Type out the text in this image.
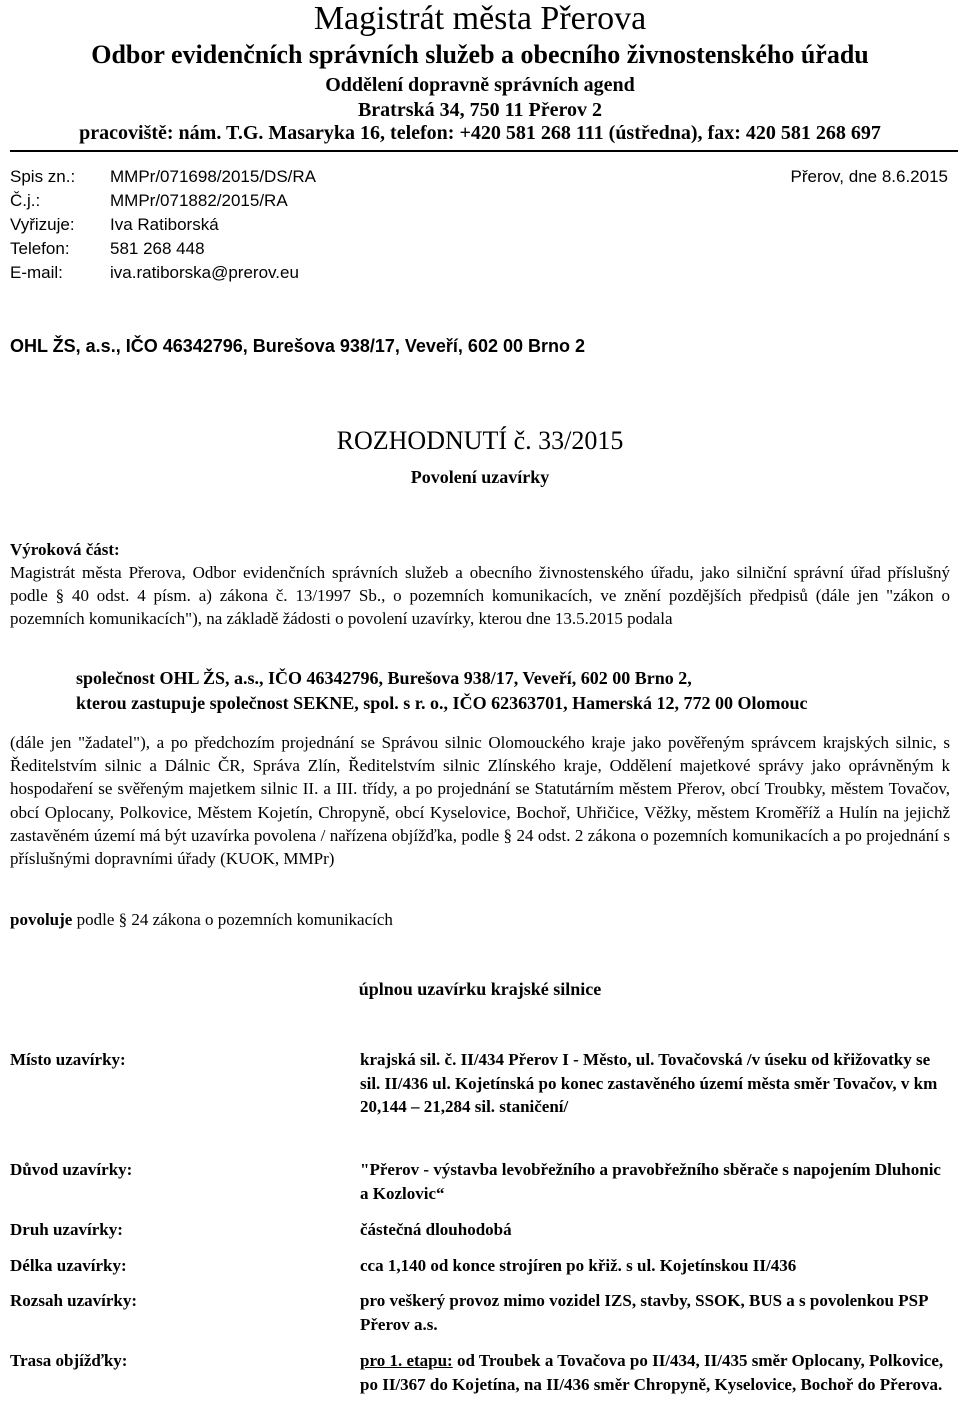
Magistrát města Přerova
Odbor evidenčních správních služeb a obecního živnostenského úřadu
Oddělení dopravně správních agend
Bratrská 34, 750 11 Přerov 2
pracoviště: nám. T.G. Masaryka 16, telefon: +420 581 268 111 (ústředna), fax: 420 581 268 697
Spis zn.: MMPr/071698/2015/DS/RA	Přerov, dne 8.6.2015
Č.j.:	MMPr/071882/2015/RA
Vyřizuje: Iva Ratiborská
Telefon: 581 268 448
E-mail:	iva.ratiborska@prerov.eu
OHL ŽS, a.s., IČO 46342796, Burešova 938/17, Veveří, 602 00 Brno 2
ROZHODNUTÍ č. 33/2015
Povolení uzavírky
Výroková část:
Magistrát města Přerova, Odbor evidenčních správních služeb a obecního živnostenského úřadu, jako silniční správní úřad příslušný podle § 40 odst. 4 písm. a) zákona č. 13/1997 Sb., o pozemních komunikacích, ve znění pozdějších předpisů (dále jen "zákon o pozemních komunikacích"), na základě žádosti o povolení uzavírky, kterou dne 13.5.2015 podala
společnost OHL ŽS, a.s., IČO 46342796, Burešova 938/17, Veveří, 602 00 Brno 2,
kterou zastupuje společnost SEKNE, spol. s r. o., IČO 62363701, Hamerská 12, 772 00 Olomouc
(dále jen "žadatel"), a po předchozím projednání se Správou silnic Olomouckého kraje jako pověřeným správcem krajských silnic, s Ředitelstvím silnic a Dálnic ČR, Správa Zlín, Ředitelstvím silnic Zlínského kraje, Oddělení majetkové správy jako oprávněným k hospodaření se svěřeným majetkem silnic II. a III. třídy, a po projednání se Statutárním městem Přerov, obcí Troubky, městem Tovačov, obcí Oplocany, Polkovice, Městem Kojetín, Chropyně, obcí Kyselovice, Bochoř, Uhřičice, Věžky, městem Kroměříž a Hulín na jejichž zastavěném území má být uzavírka povolena / nařízena objížďka, podle § 24 odst. 2 zákona o pozemních komunikacích a po projednání s příslušnými dopravními úřady (KUOK, MMPr)
povoluje podle § 24 zákona o pozemních komunikacích
úplnou uzavírku krajské silnice
Místo uzavírky:	krajská sil. č. II/434 Přerov I - Město, ul. Tovačovská /v úseku od křižovatky se sil. II/436 ul. Kojetínská po konec zastavěného území města směr Tovačov, v km 20,144 – 21,284 sil. staničení/
Důvod uzavírky:	"Přerov - výstavba levobřežního a pravobřežního sběrače s napojením Dluhonic a Kozlovic“
Druh uzavírky:	částečná dlouhodobá
Délka uzavírky:	cca 1,140 od konce strojíren po křiž. s ul. Kojetínskou II/436
Rozsah uzavírky:	pro veškerý provoz mimo vozidel IZS, stavby, SSOK, BUS a s povolenkou PSP Přerov a.s.
Trasa objížďky:	pro 1. etapu: od Troubek a Tovačova po II/434, II/435 směr Oplocany, Polkovice, po II/367 do Kojetína, na II/436 směr Chropyně, Kyselovice, Bochoř do Přerova.
